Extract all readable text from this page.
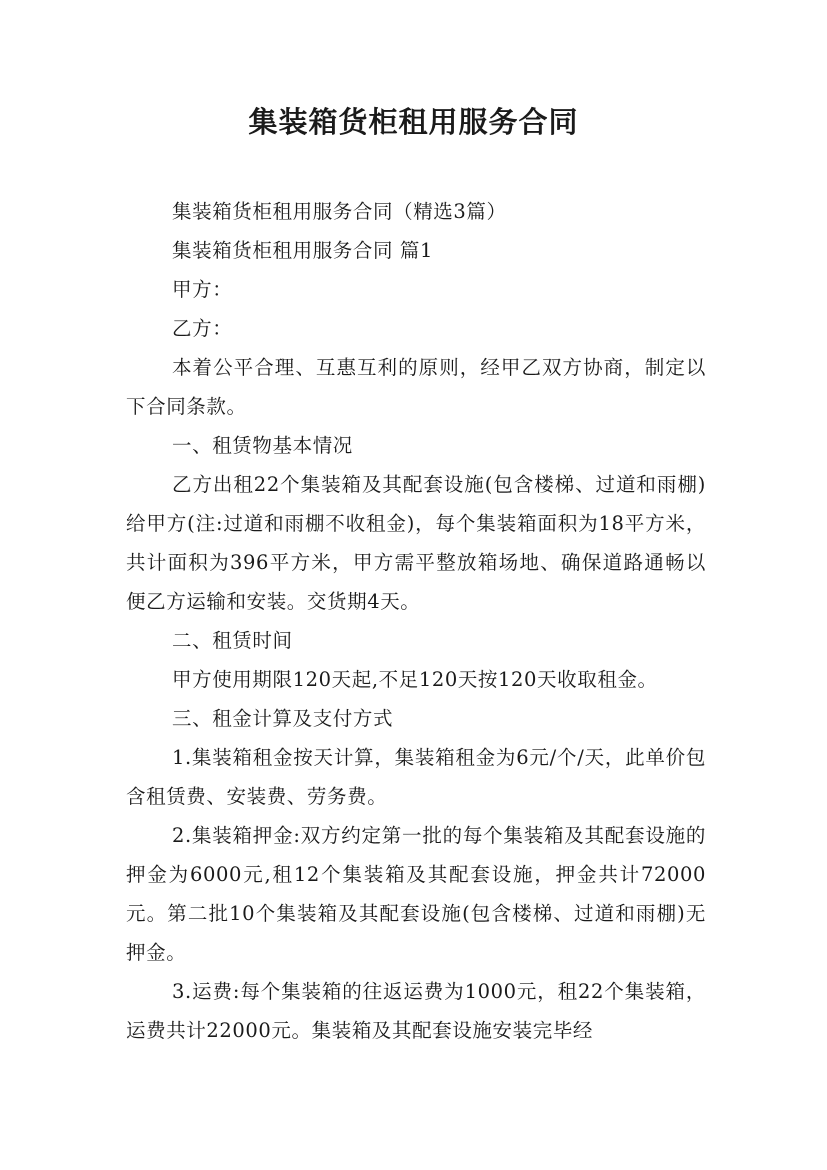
集装箱货柜租用服务合同

集装箱货柜租用服务合同（精选3篇）

集装箱货柜租用服务合同 篇1

甲方：

乙方：

本着公平合理、互惠互利的原则，经甲乙双方协商，制定以下合同条款。

一、租赁物基本情况

乙方出租22个集装箱及其配套设施(包含楼梯、过道和雨棚)给甲方(注:过道和雨棚不收租金)，每个集装箱面积为18平方米，共计面积为396平方米，甲方需平整放箱场地、确保道路通畅以便乙方运输和安装。交货期4天。

二、租赁时间

甲方使用期限120天起,不足120天按120天收取租金。

三、租金计算及支付方式

1.集装箱租金按天计算，集装箱租金为6元/个/天，此单价包含租赁费、安装费、劳务费。

2.集装箱押金:双方约定第一批的每个集装箱及其配套设施的押金为6000元,租12个集装箱及其配套设施，押金共计72000元。第二批10个集装箱及其配套设施(包含楼梯、过道和雨棚)无押金。

3.运费:每个集装箱的往返运费为1000元，租22个集装箱，运费共计22000元。集装箱及其配套设施安装完毕经
